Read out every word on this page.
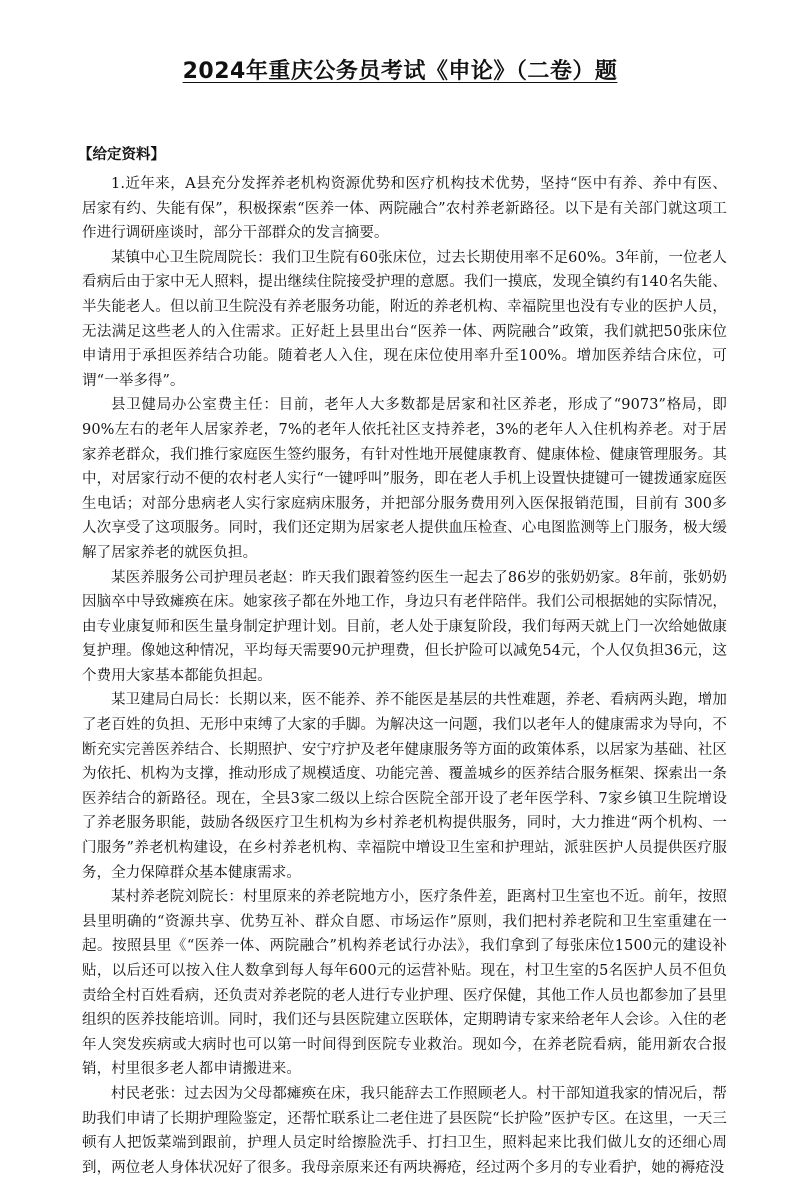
2024年重庆公务员考试《申论》（二卷）题
【给定资料】

1.近年来，A县充分发挥养老机构资源优势和医疗机构技术优势，坚持“医中有养、养中有医、居家有约、失能有保”，积极探索“医养一体、两院融合”农村养老新路径。以下是有关部门就这项工作进行调研座谈时，部分干部群众的发言摘要。

某镇中心卫生院周院长：我们卫生院有60张床位，过去长期使用率不足60%。3年前，一位老人看病后由于家中无人照料，提出继续住院接受护理的意愿。我们一摸底，发现全镇约有140名失能、半失能老人。但以前卫生院没有养老服务功能，附近的养老机构、幸福院里也没有专业的医护人员，无法满足这些老人的入住需求。正好赶上县里出台“医养一体、两院融合”政策，我们就把50张床位申请用于承担医养结合功能。随着老人入住，现在床位使用率升至100%。增加医养结合床位，可谓“一举多得”。

县卫健局办公室费主任：目前，老年人大多数都是居家和社区养老，形成了“9073”格局，即90%左右的老年人居家养老，7%的老年人依托社区支持养老，3%的老年人入住机构养老。对于居家养老群众，我们推行家庭医生签约服务，有针对性地开展健康教育、健康体检、健康管理服务。其中，对居家行动不便的农村老人实行“一键呼叫”服务，即在老人手机上设置快捷键可一键拨通家庭医生电话；对部分患病老人实行家庭病床服务，并把部分服务费用列入医保报销范围，目前有 300多人次享受了这项服务。同时，我们还定期为居家老人提供血压检查、心电图监测等上门服务，极大缓解了居家养老的就医负担。

某医养服务公司护理员老赵：昨天我们跟着签约医生一起去了86岁的张奶奶家。8年前，张奶奶因脑卒中导致瘫痪在床。她家孩子都在外地工作，身边只有老伴陪伴。我们公司根据她的实际情况，由专业康复师和医生量身制定护理计划。目前，老人处于康复阶段，我们每两天就上门一次给她做康复护理。像她这种情况，平均每天需要90元护理费，但长护险可以减免54元，个人仅负担36元，这个费用大家基本都能负担起。

某卫建局白局长：长期以来，医不能养、养不能医是基层的共性难题，养老、看病两头跑，增加了老百姓的负担、无形中束缚了大家的手脚。为解决这一问题，我们以老年人的健康需求为导向，不断充实完善医养结合、长期照护、安宁疗护及老年健康服务等方面的政策体系，以居家为基础、社区为依托、机构为支撑，推动形成了规模适度、功能完善、覆盖城乡的医养结合服务框架、探索出一条医养结合的新路径。现在，全县3家二级以上综合医院全部开设了老年医学科、7家乡镇卫生院增设了养老服务职能，鼓励各级医疗卫生机构为乡村养老机构提供服务，同时，大力推进“两个机构、一门服务”养老机构建设，在乡村养老机构、幸福院中增设卫生室和护理站，派驻医护人员提供医疗服务，全力保障群众基本健康需求。

某村养老院刘院长：村里原来的养老院地方小，医疗条件差，距离村卫生室也不近。前年，按照县里明确的“资源共享、优势互补、群众自愿、市场运作”原则，我们把村养老院和卫生室重建在一起。按照县里《“医养一体、两院融合”机构养老试行办法》，我们拿到了每张床位1500元的建设补贴，以后还可以按入住人数拿到每人每年600元的运营补贴。现在，村卫生室的5名医护人员不但负责给全村百姓看病，还负责对养老院的老人进行专业护理、医疗保健，其他工作人员也都参加了县里组织的医养技能培训。同时，我们还与县医院建立医联体，定期聘请专家来给老年人会诊。入住的老年人突发疾病或大病时也可以第一时间得到医院专业救治。现如今，在养老院看病，能用新农合报销，村里很多老人都申请搬进来。

村民老张：过去因为父母都瘫痪在床，我只能辞去工作照顾老人。村干部知道我家的情况后，帮助我们申请了长期护理险鉴定，还帮忙联系让二老住进了县医院“长护险”医护专区。在这里，一天三顿有人把饭菜端到跟前，护理人员定时给擦脸洗手、打扫卫生，照料起来比我们做儿女的还细心周到，两位老人身体状况好了很多。我母亲原来还有两块褥疮，经过两个多月的专业看护，她的褥疮没
